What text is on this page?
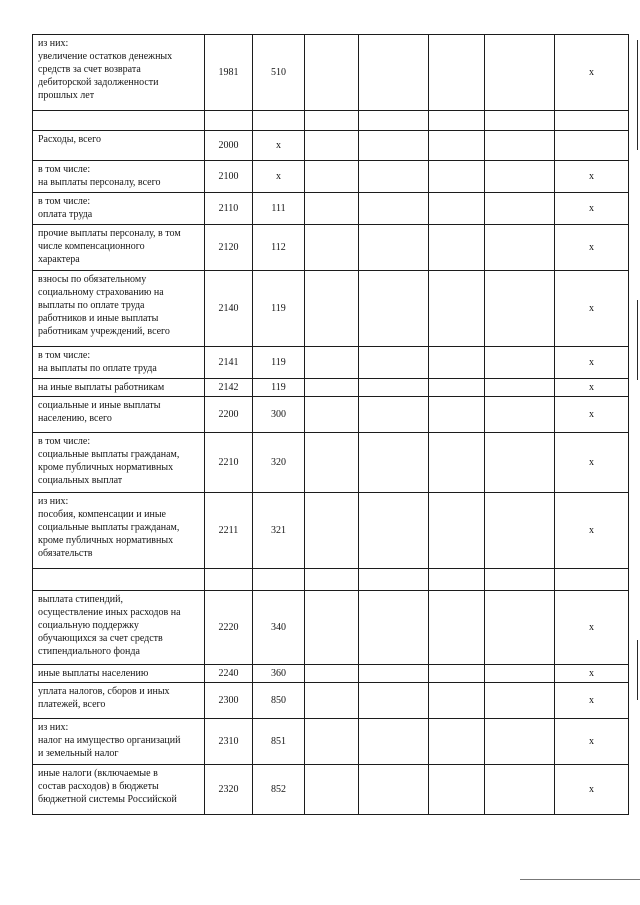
из них:
увеличение остатков денежных
средств за счет возврата
дебиторской задолженности
прошлых лет	1981	510					x

Расходы, всего	2000	x					

в том числе:
на выплаты персоналу, всего	2100	x					x

в том числе:
оплата труда	2110	111					x

прочие выплаты персоналу, в том
числе компенсационного
характера	2120	112					x

взносы по обязательному
социальному страхованию на
выплаты по оплате труда
работников и иные выплаты
работникам учреждений, всего	2140	119					x

в том числе:
на выплаты по оплате труда	2141	119					x

на иные выплаты работникам	2142	119					x

социальные и иные выплаты
населению, всего	2200	300					x

в том числе:
социальные выплаты гражданам,
кроме публичных нормативных
социальных выплат	2210	320					x

из них:
пособия, компенсации и иные
социальные выплаты гражданам,
кроме публичных нормативных
обязательств	2211	321					x

выплата стипендий,
осуществление иных расходов на
социальную поддержку
обучающихся за счет средств
стипендиального фонда	2220	340					x

иные выплаты населению	2240	360					x

уплата налогов, сборов и иных
платежей, всего	2300	850					x

из них:
налог на имущество организаций
и земельный налог	2310	851					x

иные налоги (включаемые в
состав расходов) в бюджеты
бюджетной системы Российской	2320	852					x
